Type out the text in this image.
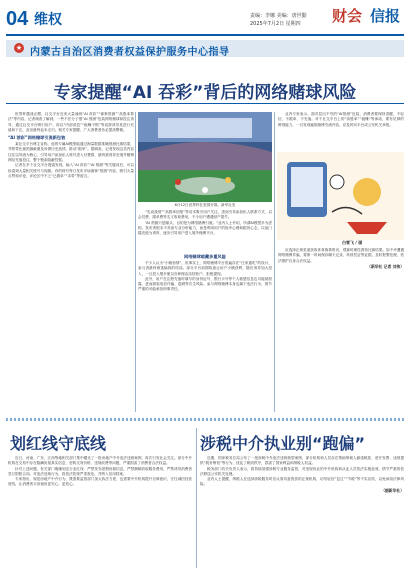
04 维权	责编：李娜 美编：唐世勤
2025年7月2日 星期四 财会 信报
★ 内蒙古自治区消费者权益保护服务中心指导
专家提醒“AI 吞彩”背后的网络赌球风险

世界杯激战正酣，社交平台近来大量涌现“AI 荐彩”“赛事预测”“高胜率算法”等内容，记者调查了解到，一些不法分子借“AI 预测”包装网络赌球和投注诱导，通过社交平台吸引用户，再以“内部消息”“稳赚不赔”等说辞诱导其进行充值和下注，直至最终血本无归。相关专家提醒，广大消费者务必提高警惕。

“AI 荐彩”网络赌球引流新包装

某社交平台博主宣称，他的专属AI模型能通过海量数据准确预测比赛结果，并附带比赛预测截图及所谓历史战绩，推动“跟单”。据调查，记者发现这类内容往往以导流为核心，引导用户添加私人账号进入付费群，最终被诱导至境外赌博网站充值投注，整个链条隐蔽性强。

记者在多个社交平台搜索发现，输入“AI 荐彩”“AI 预测”等关键词后，可以检索到大量相关账号与视频。有的账号每日发布多场赛事“预测”内容，吸引大量点赞和评论，评论区中不乏“已跟单”“求带”等留言。

6月12日世界杯在美国开幕。新华社发

“先说战绩”“高胜率回报”等话术吸引用户关注，进而引导添加私人联系方式，以会员费、跟单费等名义收取费用，不少用户遭遇财产损失。

“AI 预测只是噱头，目的是为网络赌博引流。”业内人士介绍，所谓AI模型多为虚构，发布者根本不具备专业分析能力，而是利用用户的侥幸心理和跟风心态，以低门槛充值为诱饵，逐步引导用户进入境外赌博平台。

业内专家表示，面对层出不穷的“AI预测”包装，消费者要保持清醒，不轻信、不跟单、不充值。对于社交平台上的“高胜率”“稳赚”等承诺，要有足够的辨别能力，一旦发现疑似赌博引流内容，应及时向平台或公安机关举报。

白雪飞 / 画
网络赌球暗藏多重风险

不少人认为“小赌怡情”，但事实上，网络赌博平台普遍存在“庄家通吃”的设计，参与者最终难逃输钱的结局。部分平台前期故意让用户小额获利，随后诱导加大投入，一旦投入增多便以各种理由冻结账户、拒绝提现。

此外，用户在注册充值时填写的身份证号、银行卡号等个人敏感信息也可能被泄露，进而面临电信诈骗、盗刷等次生风险。参与网络赌博本身也属于违法行为，情节严重的可能承担刑事责任。

应选择正规渠道获取体育赛事资讯，观赛时理性看待比赛结果。如不幸遭遇网络赌博诈骗，要第一时间保存聊天记录、转账凭证等证据，及时报警处理，依法维护自身合法权益。

（新华社 记者 刘伟）

划红线守底线

近日，河南、广东、江西等地相关部门集中曝光了一批房地产中介违法违规案例，再次引发社会关注。部分中介机构在交易中存在隐瞒房屋真实信息、虚构交易价格、违规收费等问题，严重损害了消费者合法权益。

针对上述问题，有关部门明确划定行业红线：严禁发布虚假房源信息，严禁捆绑收取服务费用，严禁诱导消费者签订阴阳合同。对违法违规行为，将依法依规严肃查处，并纳入信用档案。

专家指出，规范房地产中介行为，既需要监管部门加大执法力度，也需要中介机构提升自律意识，守住诚信经营底线，让消费者买房租房更安心、更放心。

涉税中介执业别“跑偏”

近期，国家税务总局公布了一批涉税中介违法违规典型案例，部分机构和人员存在帮助纳税人偷逃税款、虚开发票、违规提供“税务筹划”等行为，扰乱了税收秩序，损害了国家利益和纳税人权益。

税务部门有关负责人表示，将持续加强涉税专业服务监管，对违规执业的中介机构和从业人员依法实施惩戒，情节严重的依法移送公安机关处理。

业内人士提醒，纳税人在选择涉税服务时应认准具备资质的正规机构，切勿轻信“包过”“节税”等不实宣传，以免承担法律风险。

（据新华社）
